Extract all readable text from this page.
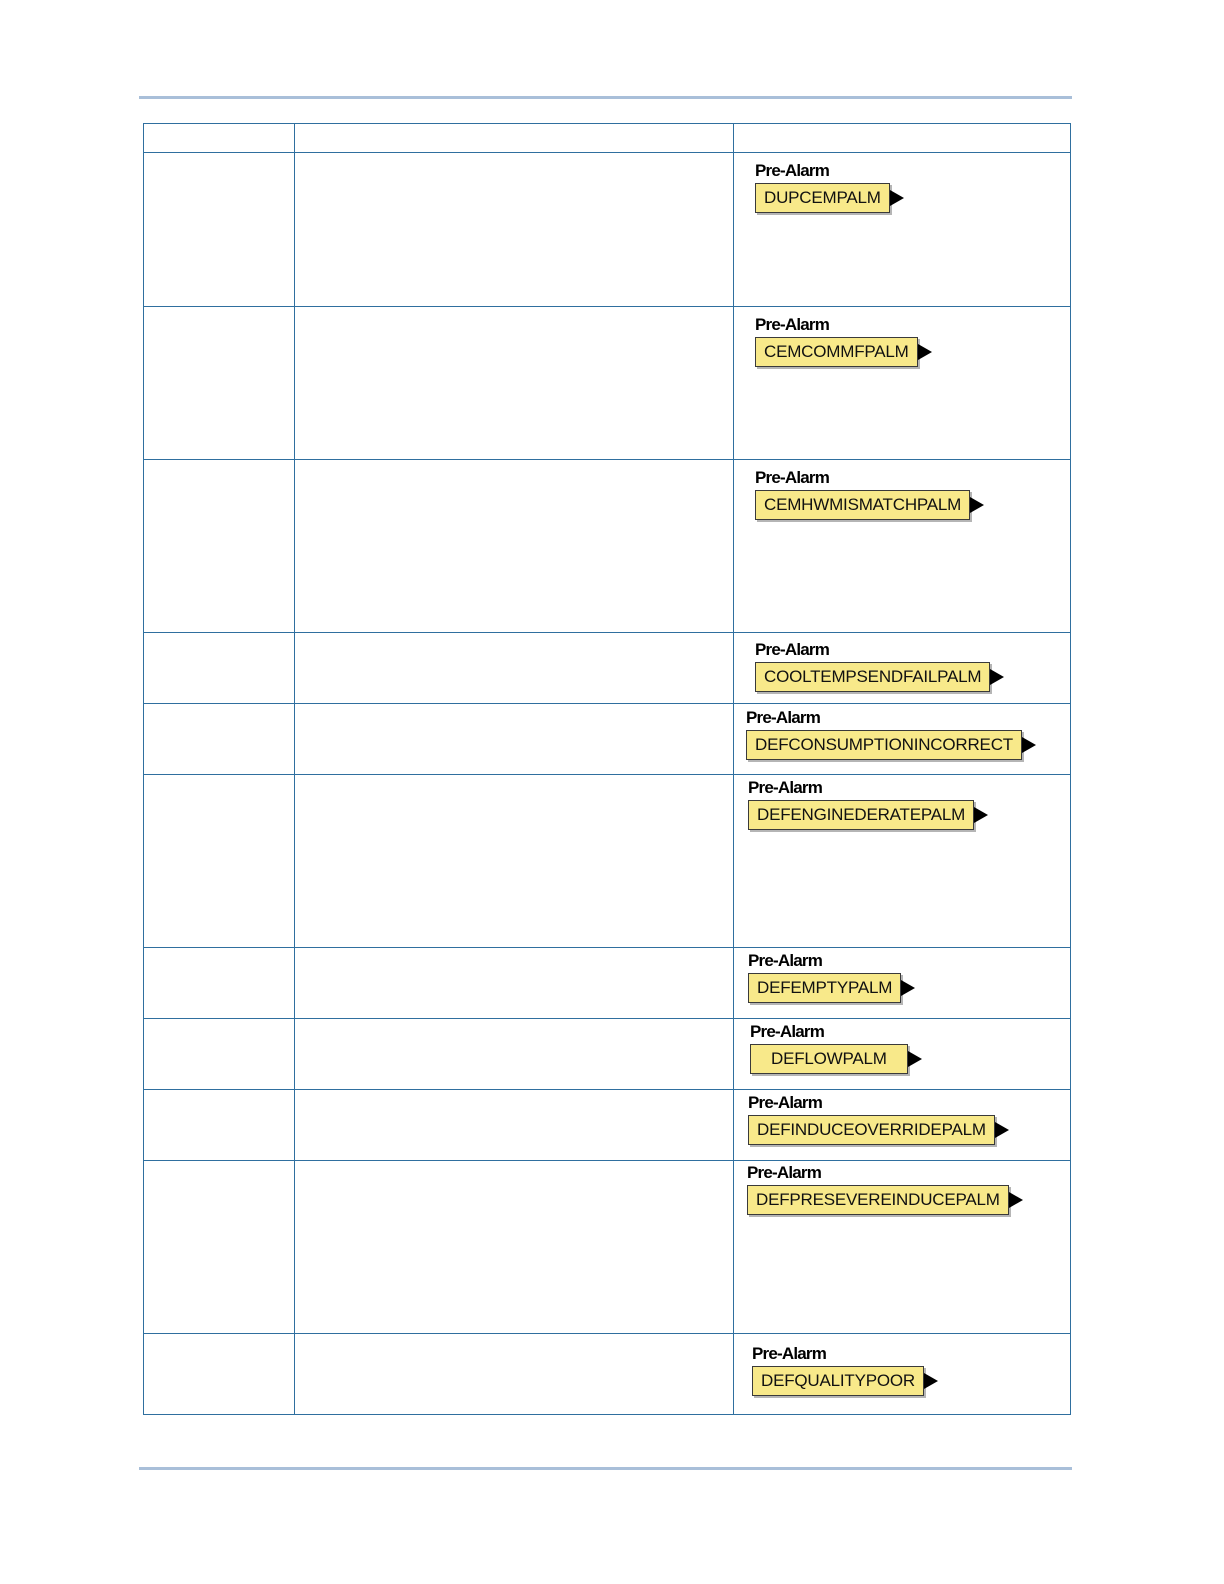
		Pre-Alarm
DUPCEMPALM

		Pre-Alarm
CEMCOMMFPALM

		Pre-Alarm
CEMHWMISMATCHPALM

		Pre-Alarm
COOLTEMPSENDFAILPALM

		Pre-Alarm
DEFCONSUMPTIONINCORRECT

		Pre-Alarm
DEFENGINEDERATEPALM

		Pre-Alarm
DEFEMPTYPALM

		Pre-Alarm
DEFLOWPALM

		Pre-Alarm
DEFINDUCEOVERRIDEPALM

		Pre-Alarm
DEFPRESEVEREINDUCEPALM

		Pre-Alarm
DEFQUALITYPOOR
